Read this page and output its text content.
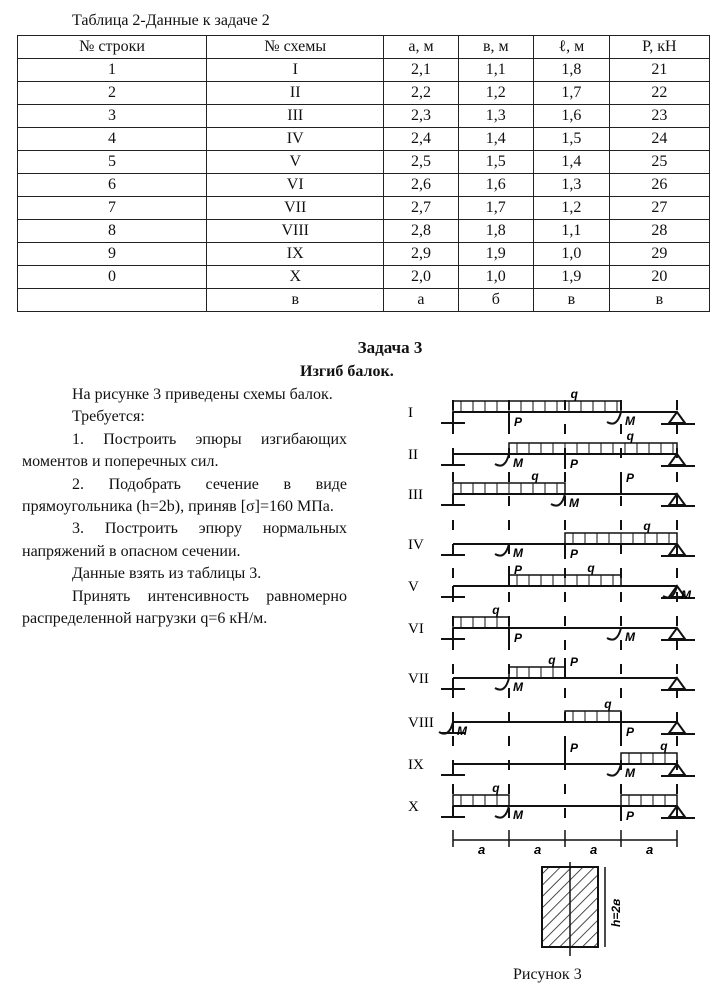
Таблица 2-Данные к задаче 2
№ строки	№ схемы	a, м	в, м	ℓ, м	P, кН
1	I	2,1	1,1	1,8	21
2	II	2,2	1,2	1,7	22
3	III	2,3	1,3	1,6	23
4	IV	2,4	1,4	1,5	24
5	V	2,5	1,5	1,4	25
6	VI	2,6	1,6	1,3	26
7	VII	2,7	1,7	1,2	27
8	VIII	2,8	1,8	1,1	28
9	IX	2,9	1,9	1,0	29
0	X	2,0	1,0	1,9	20
	в	а	б	в	в
Задача 3
Изгиб балок.

На рисунке 3 приведены схемы балок.

Требуется:

1. Построить эпюры изгибающих моментов и поперечных сил.

2. Подобрать сечение в виде прямоугольника (h=2b), приняв [σ]=160 МПа.

3. Построить эпюру нормальных напряжений в опасном сечении.

Данные взять из таблицы 3.

Принять интенсивность равномерно распределенной нагрузки q=6 кН/м.

I
q
P	M
II
q
P
M
III
q	P
M
IV
q
P
M
V
q
P
M
VI
q
P	M
VII
q P
M
VIII
q
P
M
IX
q
P
M
X
q
P
M
a	a	a	a
h=2в
Рисунок 3
